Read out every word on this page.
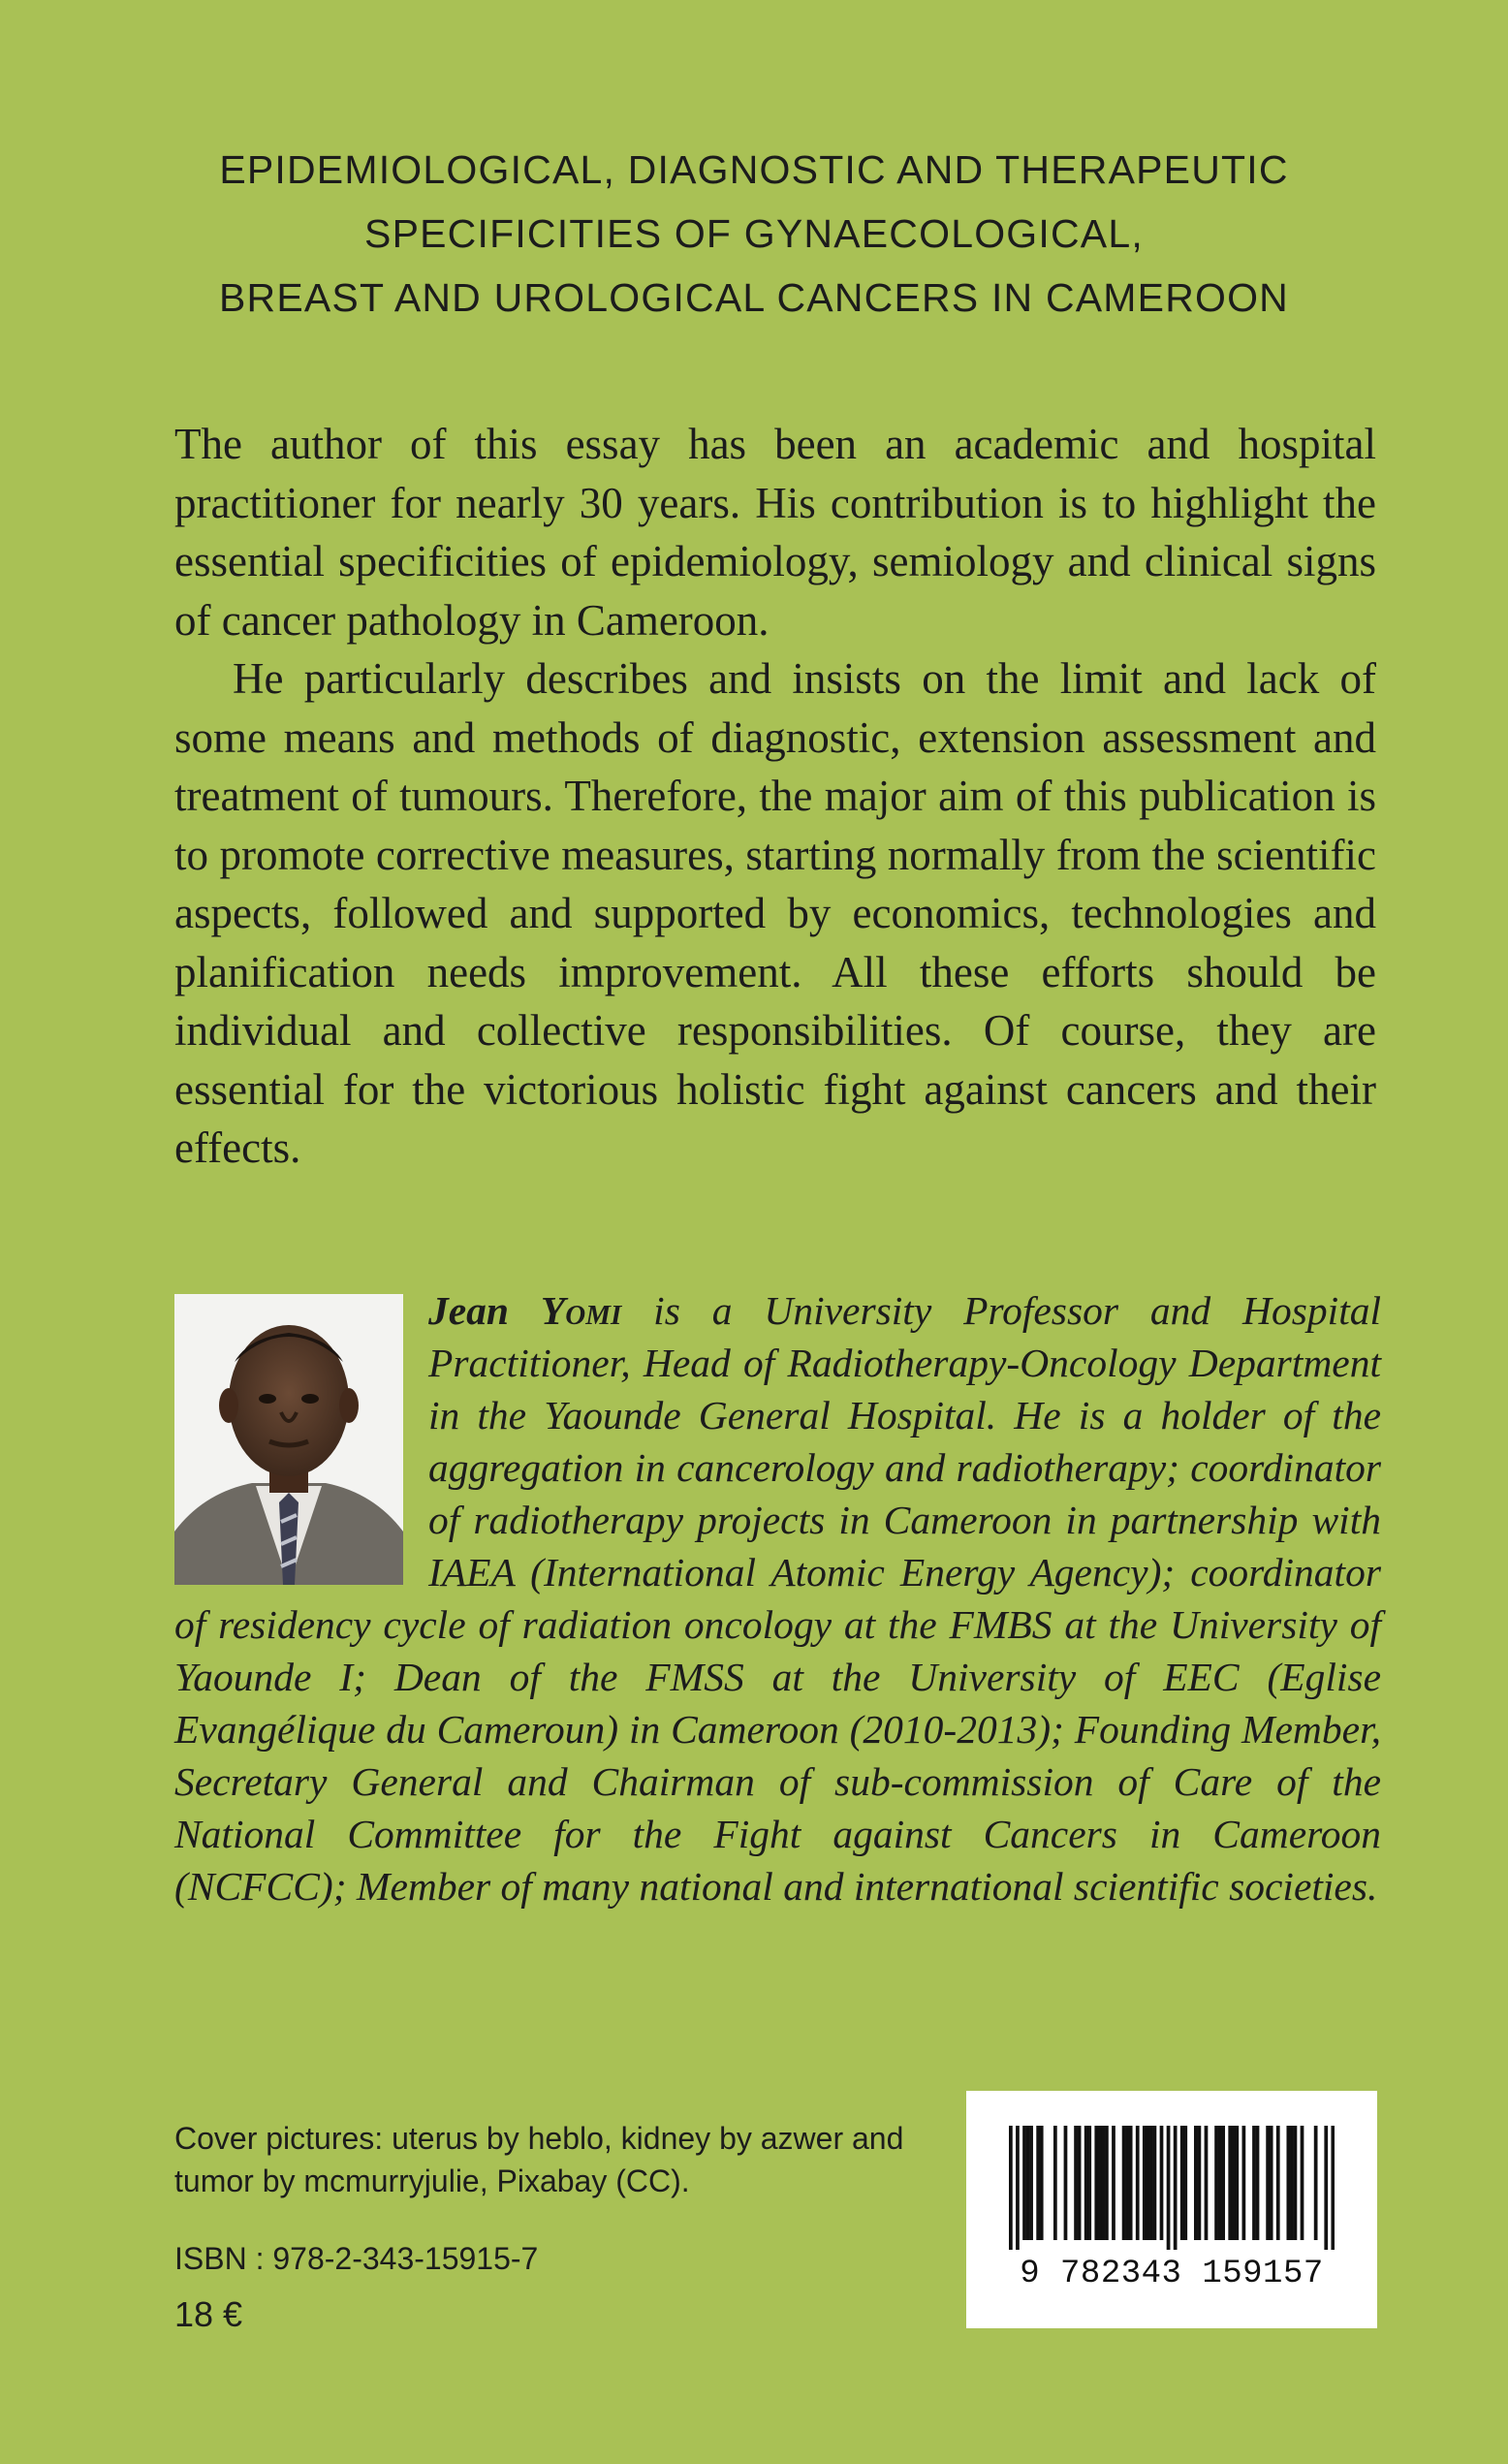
EPIDEMIOLOGICAL, DIAGNOSTIC AND THERAPEUTIC
SPECIFICITIES OF GYNAECOLOGICAL,
BREAST AND UROLOGICAL CANCERS IN CAMEROON

The author of this essay has been an academic and hospital practitioner for nearly 30 years. His contribution is to highlight the essential specificities of epidemiology, semiology and clinical signs of cancer pathology in Cameroon.

He particularly describes and insists on the limit and lack of some means and methods of diagnostic, extension assessment and treatment of tumours. Therefore, the major aim of this publication is to promote corrective measures, starting normally from the scientific aspects, followed and supported by economics, technologies and planification needs improvement. All these efforts should be individual and collective responsibilities. Of course, they are essential for the victorious holistic fight against cancers and their effects.

Jean Yomi is a University Professor and Hospital Practitioner, Head of Radiotherapy-Oncology Department in the Yaounde General Hospital. He is a holder of the aggregation in cancerology and radiotherapy; coordinator of radiotherapy projects in Cameroon in partnership with IAEA (International Atomic Energy Agency); coordinator of residency cycle of radiation oncology at the FMBS at the University of Yaounde I; Dean of the FMSS at the University of EEC (Eglise Evangélique du Cameroun) in Cameroon (2010-2013); Founding Member, Secretary General and Chairman of sub-commission of Care of the National Committee for the Fight against Cancers in Cameroon (NCFCC); Member of many national and international scientific societies.
Cover pictures: uterus by heblo, kidney by azwer and tumor by mcmurryjulie, Pixabay (CC).
ISBN : 978-2-343-15915-7
18 €
9 782343 159157
